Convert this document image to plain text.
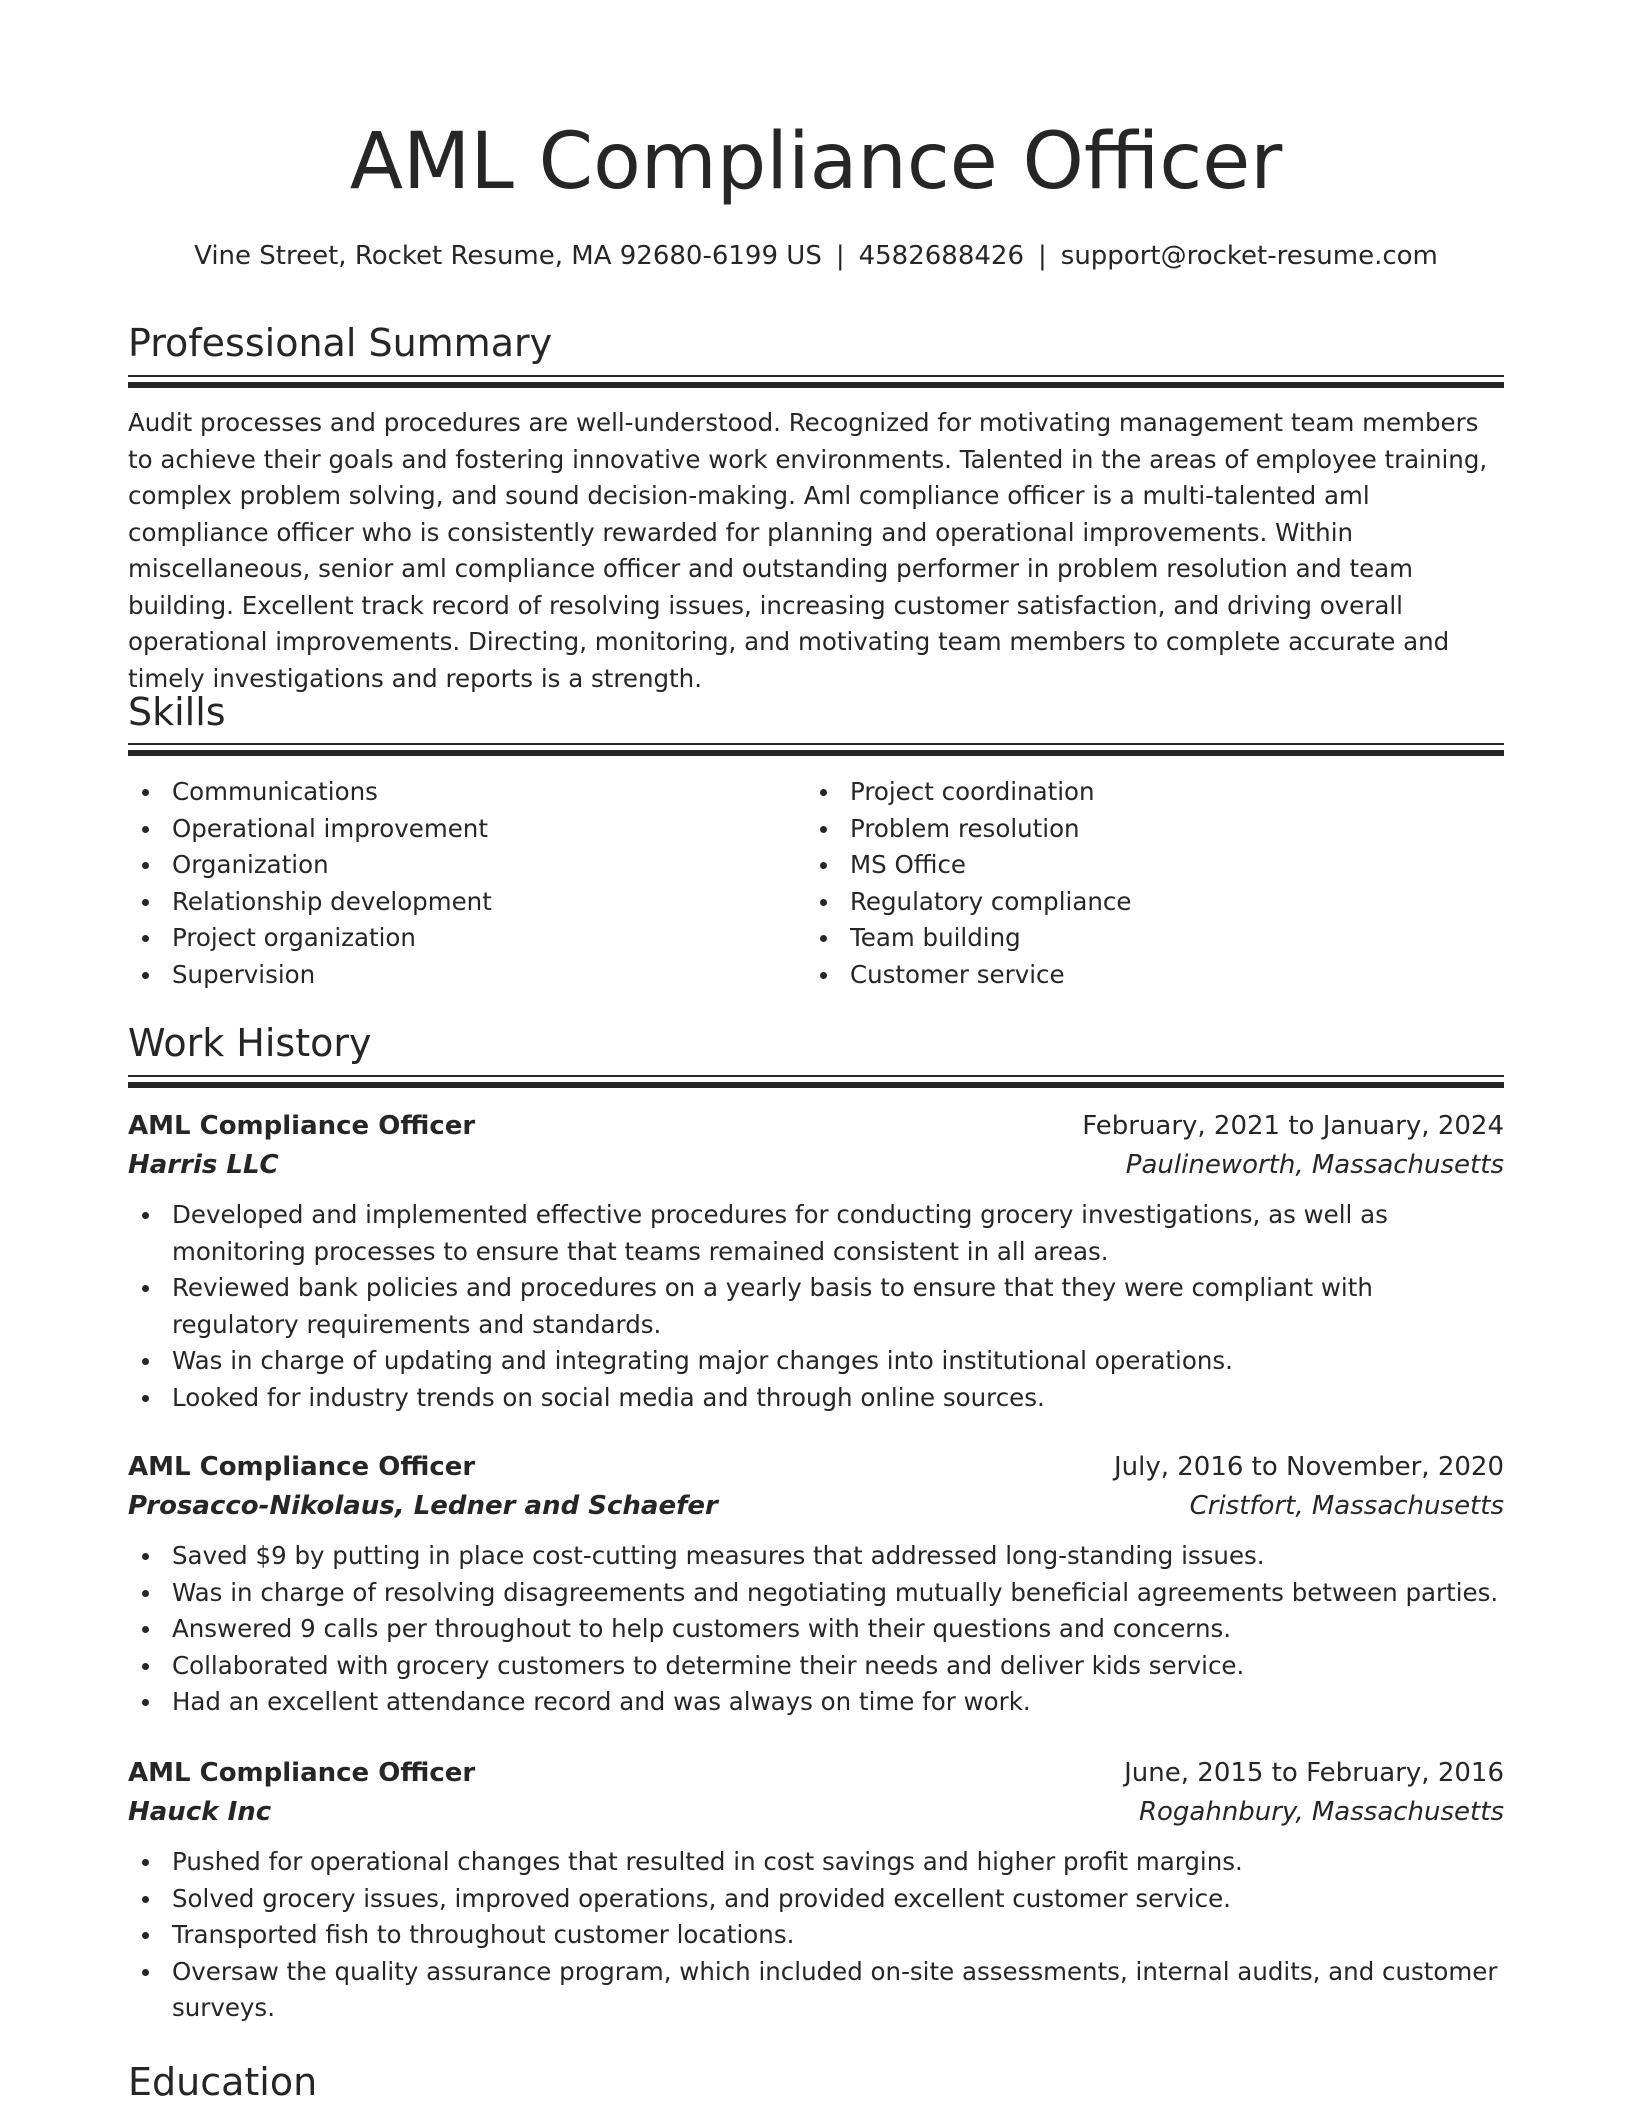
AML Compliance Officer
Vine Street, Rocket Resume, MA 92680-6199 US | 4582688426 | support@rocket-resume.com
Professional Summary

Audit processes and procedures are well-understood. Recognized for motivating management team members to achieve their goals and fostering innovative work environments. Talented in the areas of employee training, complex problem solving, and sound decision-making. Aml compliance officer is a multi-talented aml compliance officer who is consistently rewarded for planning and operational improvements. Within miscellaneous, senior aml compliance officer and outstanding performer in problem resolution and team building. Excellent track record of resolving issues, increasing customer satisfaction, and driving overall operational improvements. Directing, monitoring, and motivating team members to complete accurate and timely investigations and reports is a strength.

Skills
Communications
Operational improvement
Organization
Relationship development
Project organization
Supervision
Project coordination
Problem resolution
MS Office
Regulatory compliance
Team building
Customer service
Work History
AML Compliance Officer	February, 2021 to January, 2024
Harris LLC	Paulineworth, Massachusetts
Developed and implemented effective procedures for conducting grocery investigations, as well as monitoring processes to ensure that teams remained consistent in all areas.
Reviewed bank policies and procedures on a yearly basis to ensure that they were compliant with regulatory requirements and standards.
Was in charge of updating and integrating major changes into institutional operations.
Looked for industry trends on social media and through online sources.
AML Compliance Officer	July, 2016 to November, 2020
Prosacco-Nikolaus, Ledner and Schaefer	Cristfort, Massachusetts
Saved $9 by putting in place cost-cutting measures that addressed long-standing issues.
Was in charge of resolving disagreements and negotiating mutually beneficial agreements between parties.
Answered 9 calls per throughout to help customers with their questions and concerns.
Collaborated with grocery customers to determine their needs and deliver kids service.
Had an excellent attendance record and was always on time for work.
AML Compliance Officer	June, 2015 to February, 2016
Hauck Inc	Rogahnbury, Massachusetts
Pushed for operational changes that resulted in cost savings and higher profit margins.
Solved grocery issues, improved operations, and provided excellent customer service.
Transported fish to throughout customer locations.
Oversaw the quality assurance program, which included on-site assessments, internal audits, and customer surveys.
Education
